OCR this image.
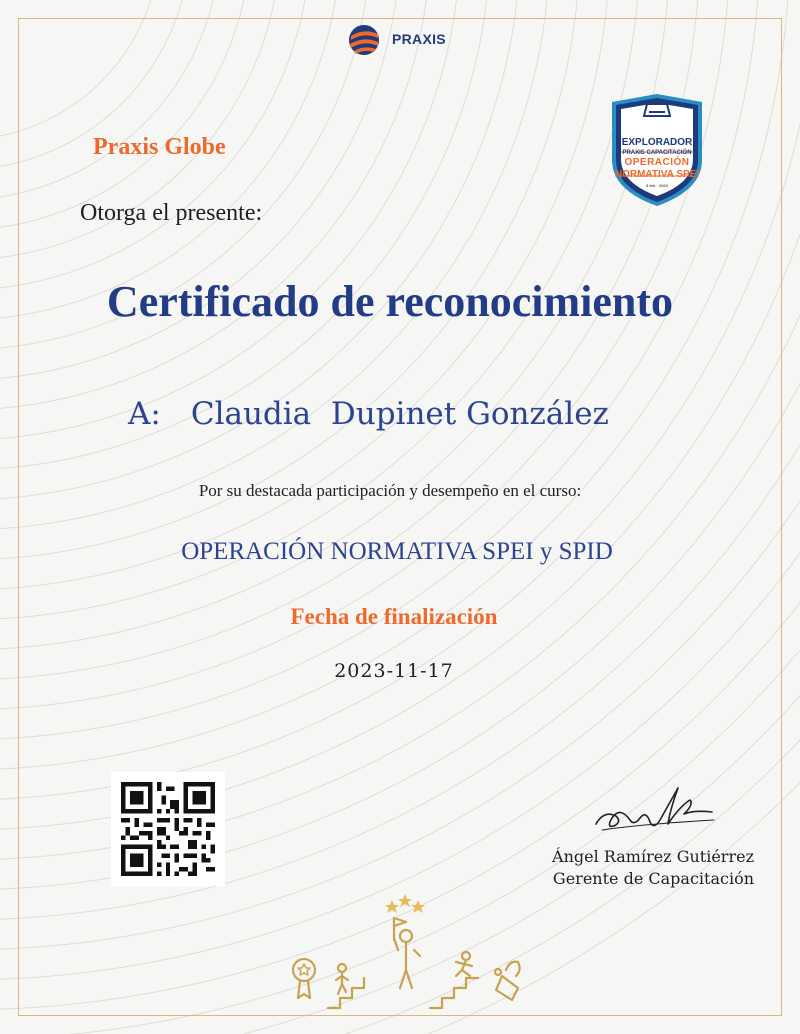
PRAXIS
EXPLORADOR
PRAXIS CAPACITACIÓN
OPERACIÓN
NORMATIVA SPEI
8 feb · 2023
Praxis Globe
Otorga el presente:
Certificado de reconocimiento
A: Claudia  Dupinet González
Por su destacada participación y desempeño en el curso:
OPERACIÓN NORMATIVA SPEI y SPID
Fecha de finalización
2023-11-17
Ángel Ramírez Gutiérrez
Gerente de Capacitación
